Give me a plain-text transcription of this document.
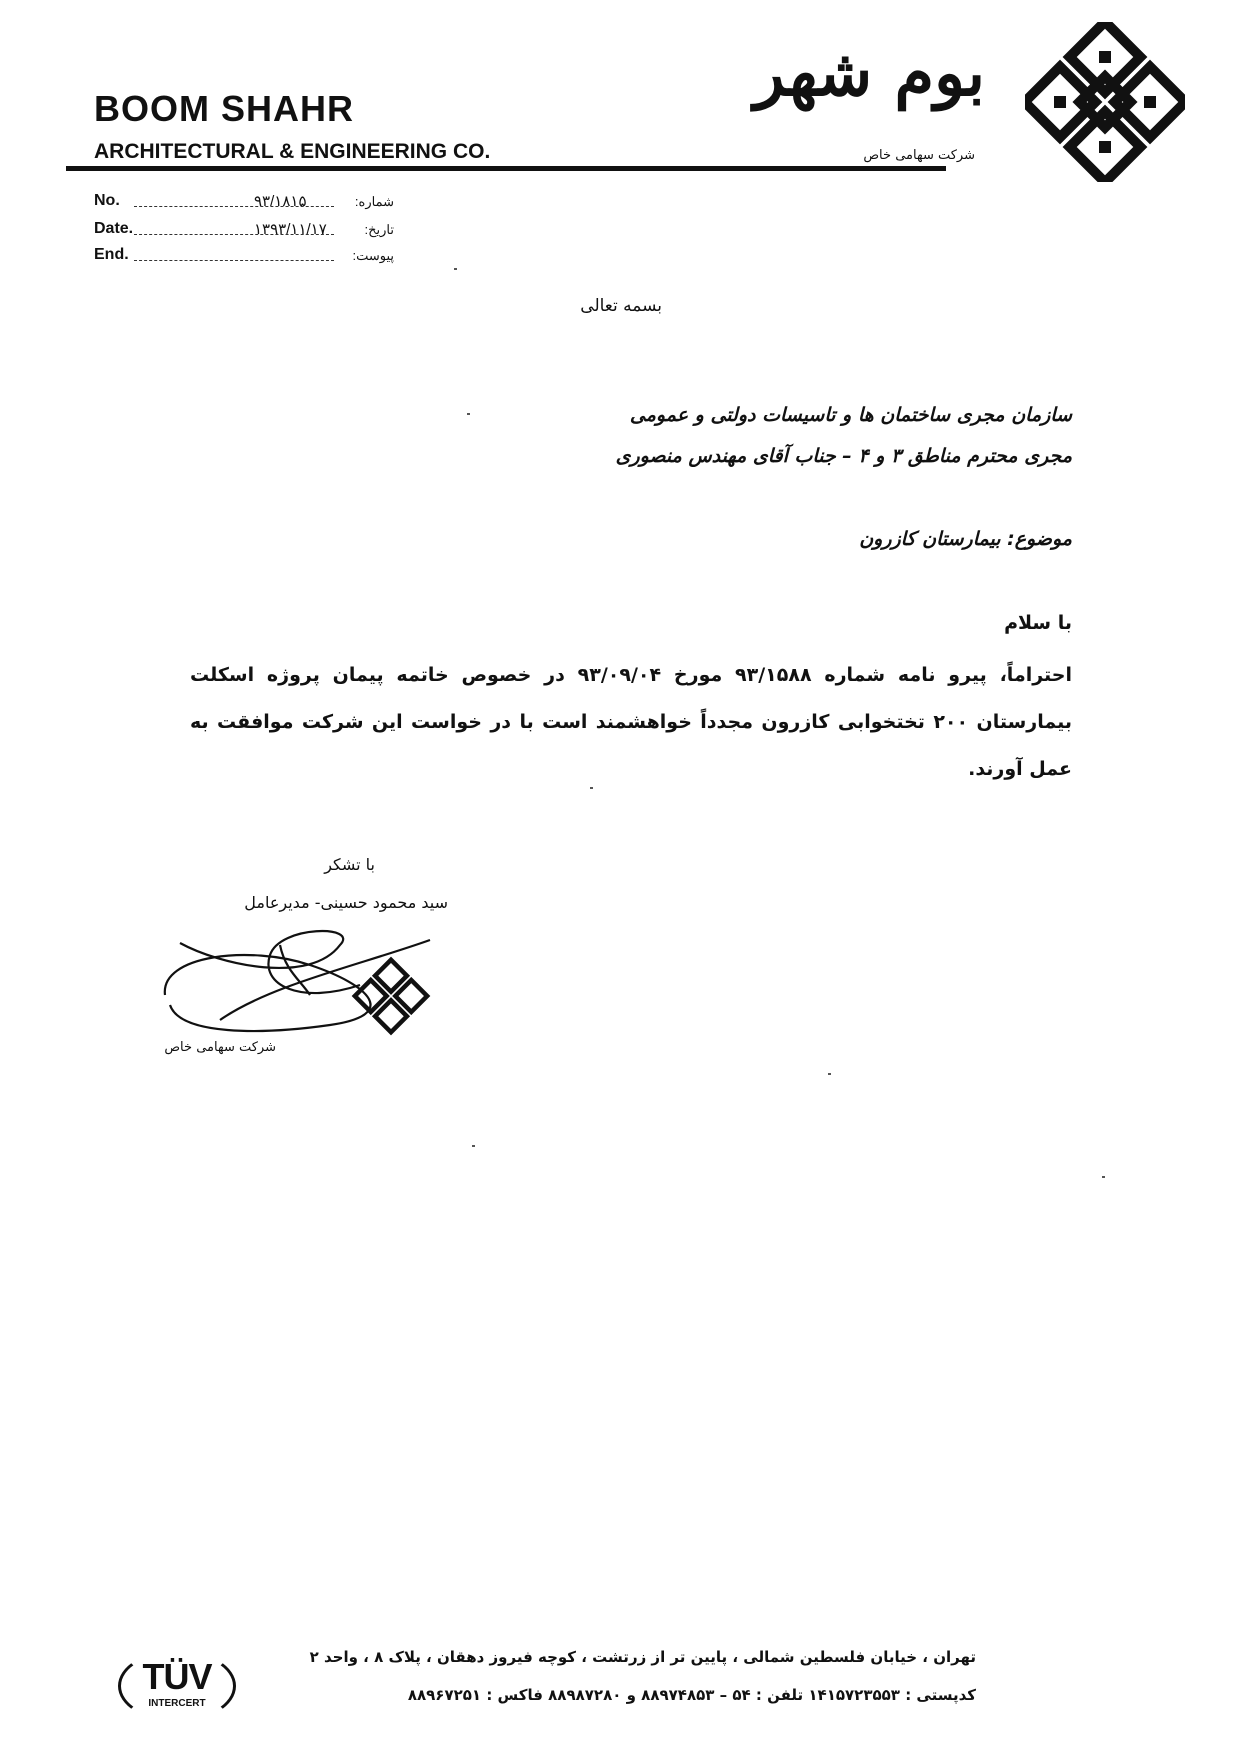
BOOM SHAHR
ARCHITECTURAL & ENGINEERING CO.
بوم شهر
شرکت سهامی خاص
No.	۹۳/۱۸۱۵	شماره:
Date.	۱۳۹۳/۱۱/۱۷	تاریخ:
End.	پیوست:
بسمه تعالی
سازمان مجری ساختمان ها و تاسیسات دولتی و عمومی
مجری محترم مناطق ۳ و ۴ – جناب آقای مهندس منصوری
موضوع: بیمارستان کازرون
با سلام
احتراماً، پیرو نامه شماره ۹۳/۱۵۸۸ مورخ ۹۳/۰۹/۰۴ در خصوص خاتمه پیمان پروژه اسکلت بیمارستان ۲۰۰ تختخوابی کازرون مجدداً خواهشمند است با در خواست این شرکت موافقت به عمل آورند.
با تشکر
سید محمود حسینی- مدیرعامل
شرکت سهامی خاص
TÜV
INTERCERT
تهران ، خیابان فلسطین شمالی ، پایین تر از زرتشت ، کوچه فیروز دهقان ، پلاک ۸ ، واحد ۲
کدپستی : ۱۴۱۵۷۲۳۵۵۳ تلفن : ۵۴ – ۸۸۹۷۴۸۵۳ و ۸۸۹۸۷۲۸۰ فاکس : ۸۸۹۶۷۲۵۱
